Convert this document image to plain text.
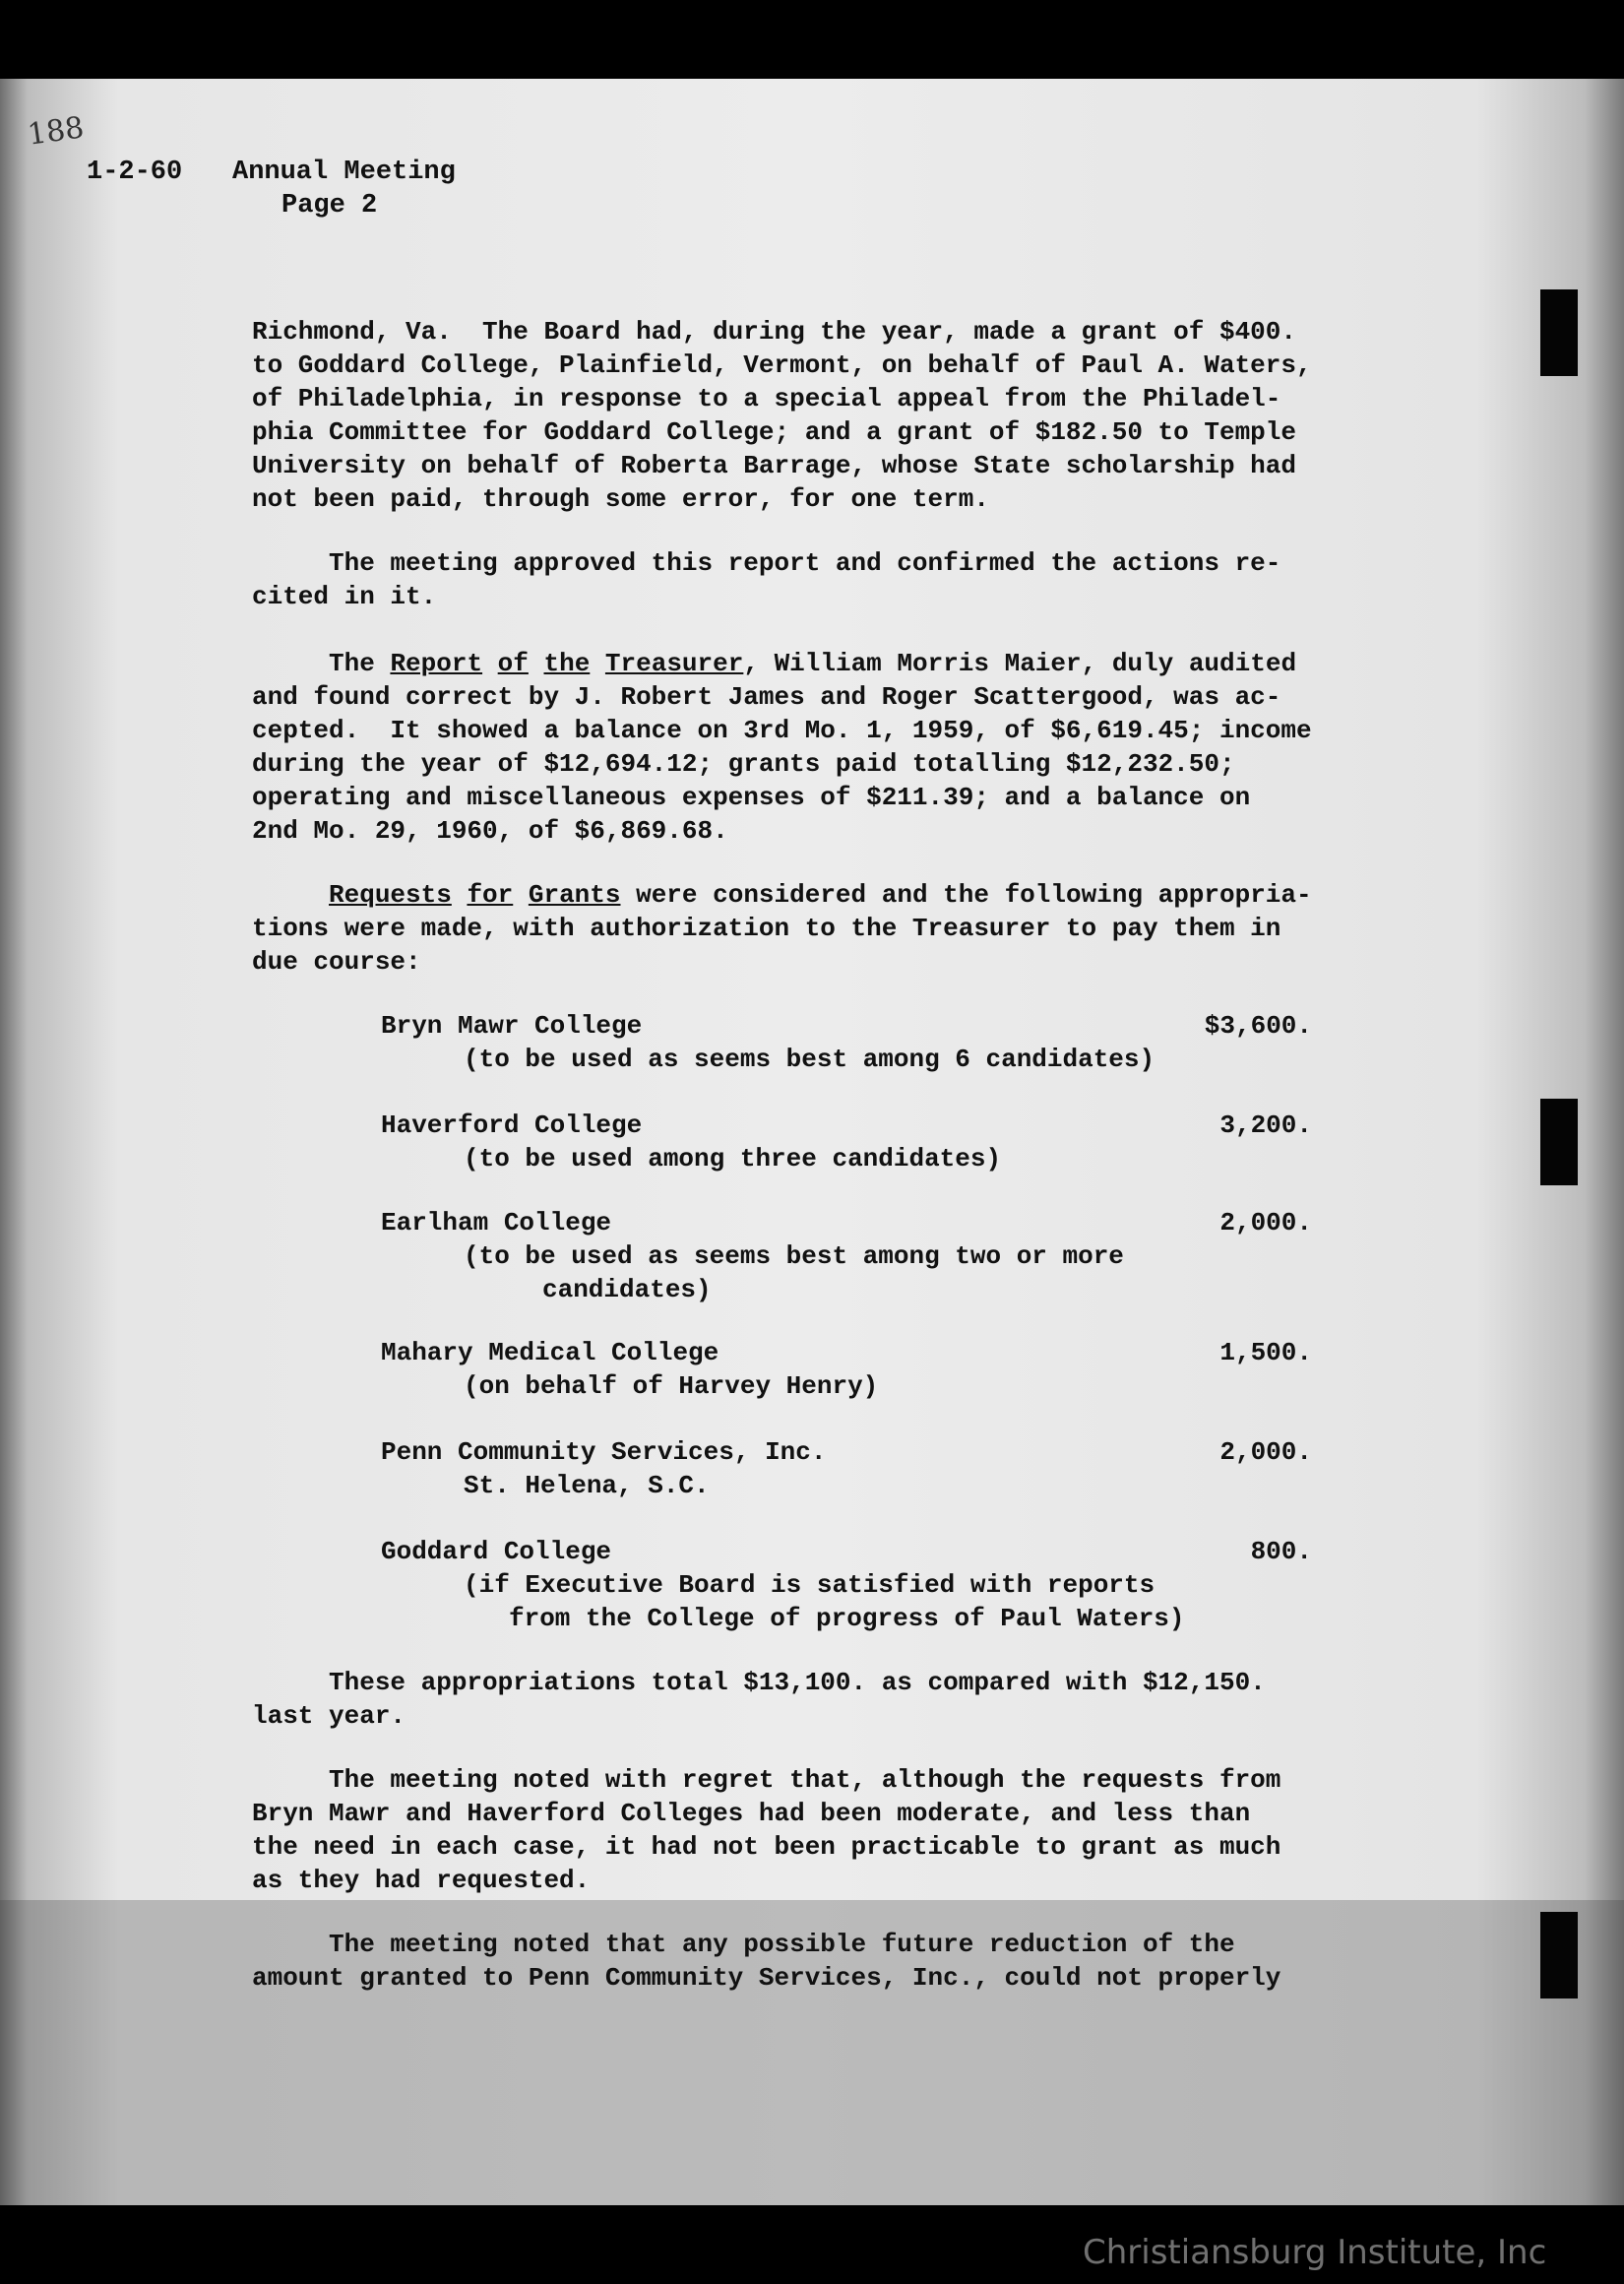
188
1-2-60 Annual Meeting
Page 2
Richmond, Va.  The Board had, during the year, made a grant of $400.
to Goddard College, Plainfield, Vermont, on behalf of Paul A. Waters,
of Philadelphia, in response to a special appeal from the Philadel-
phia Committee for Goddard College; and a grant of $182.50 to Temple
University on behalf of Roberta Barrage, whose State scholarship had
not been paid, through some error, for one term.
The meeting approved this report and confirmed the actions re-
cited in it.
The Report of the Treasurer, William Morris Maier, duly audited
and found correct by J. Robert James and Roger Scattergood, was ac-
cepted.  It showed a balance on 3rd Mo. 1, 1959, of $6,619.45; income
during the year of $12,694.12; grants paid totalling $12,232.50;
operating and miscellaneous expenses of $211.39; and a balance on
2nd Mo. 29, 1960, of $6,869.68.
Requests for Grants were considered and the following appropria-
tions were made, with authorization to the Treasurer to pay them in
due course:
Bryn Mawr College
(to be used as seems best among 6 candidates)
$3,600.
Haverford College
(to be used among three candidates)
3,200.
Earlham College
(to be used as seems best among two or more
candidates)
2,000.
Mahary Medical College
(on behalf of Harvey Henry)
1,500.
Penn Community Services, Inc.
St. Helena, S.C.
2,000.
Goddard College
(if Executive Board is satisfied with reports
from the College of progress of Paul Waters)
800.
These appropriations total $13,100. as compared with $12,150.
last year.
The meeting noted with regret that, although the requests from
Bryn Mawr and Haverford Colleges had been moderate, and less than
the need in each case, it had not been practicable to grant as much
as they had requested.
The meeting noted that any possible future reduction of the
amount granted to Penn Community Services, Inc., could not properly
Christiansburg Institute, Inc
